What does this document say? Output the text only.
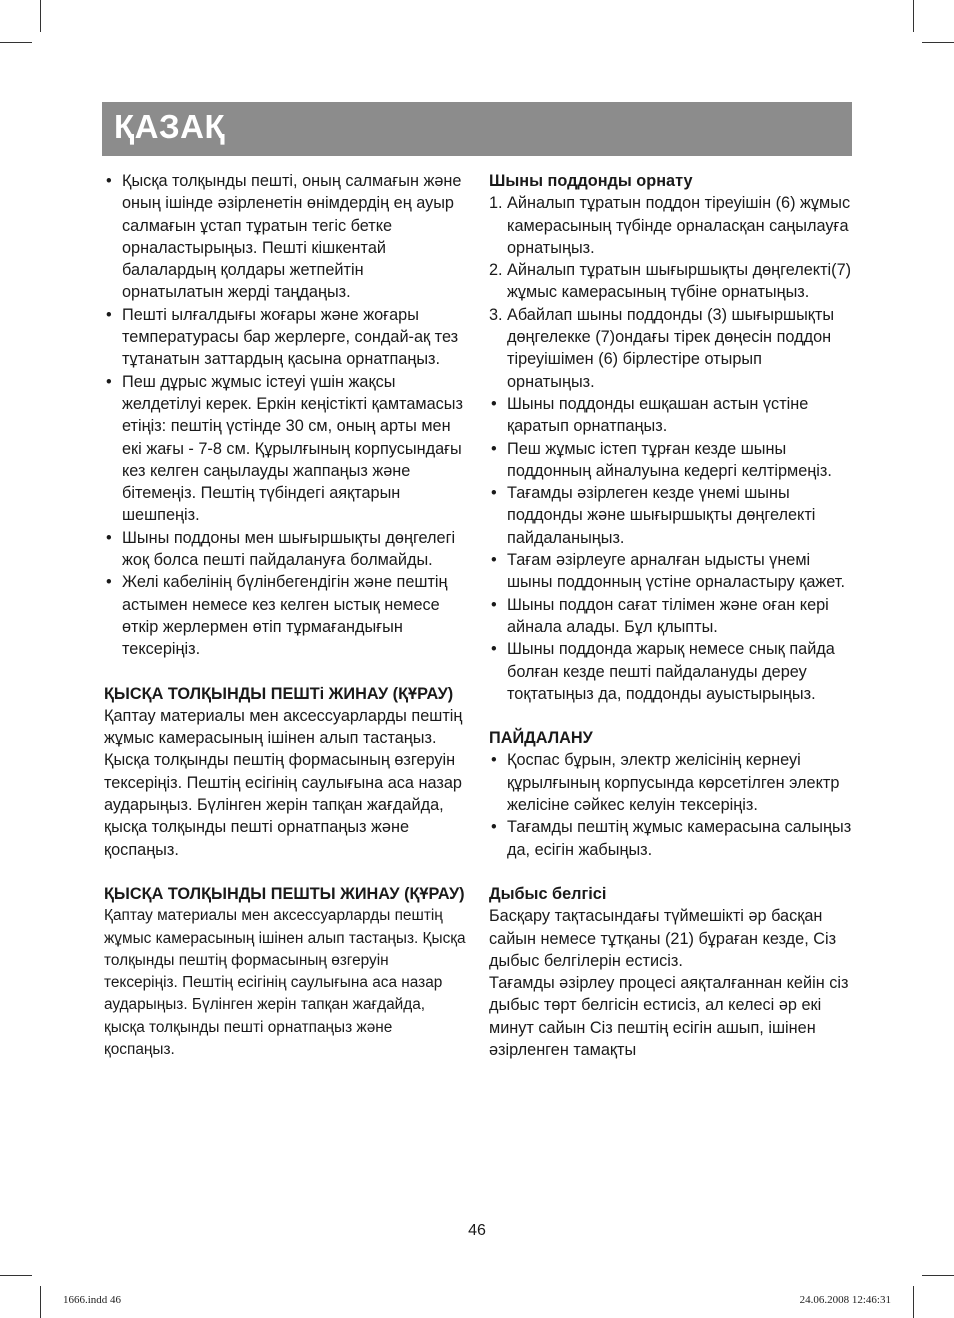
ҚАЗАҚ
• Қысқа толқынды пешті, оның салмағын және оның ішінде әзірленетін өнімдердің ең ауыр салмағын ұстап тұратын тегіс бетке орналастырыңыз. Пешті кішкентай балалардың қолдары жетпейтін орнатылатын жерді таңдаңыз.
• Пешті ылғалдығы жоғары және жоғары температурасы бар жерлерге, сондай-ақ тез тұтанатын заттардың қасына орнатпаңыз.
• Пеш дұрыс жұмыс істеуі үшін жақсы желдетілуі керек. Еркін кеңістікті қамтамасыз етіңіз: пештің үстінде 30 см, оның арты мен екі жағы - 7-8 см. Құрылғының корпусындағы кез келген саңылауды жаппаңыз және бітемеңіз. Пештің түбіндегі аяқтарын шешпеңіз.
• Шыны поддоны мен шығыршықты дөңгелегі жоқ болса пешті пайдалануға болмайды.
• Желі кабелінің бүлінбегендігін және пештің астымен немесе кез келген ыстық немесе өткір жерлермен өтіп тұрмағандығын тексеріңіз.

ҚЫСҚА ТОЛҚЫНДЫ ПЕШТі ЖИНАУ (ҚҰРАУ)

Қаптау материалы мен аксессуарларды пештің жұмыс камерасының ішінен алып тастаңыз. Қысқа толқынды пештің формасының өзгеруін тексеріңіз. Пештің есігінің саулығына аса назар аударыңыз. Бүлінген жерін тапқан жағдайда, қысқа толқынды пешті орнатпаңыз және қоспаңыз.

ҚЫСҚА ТОЛҚЫНДЫ ПЕШТЫ ЖИНАУ (ҚҰРАУ)

Қаптау материалы мен аксессуарларды пештің жұмыс камерасының ішінен алып тастаңыз. Қысқа толқынды пештің формасының өзгеруін тексеріңіз. Пештің есігінің саулығына аса назар аударыңыз. Бүлінген жерін тапқан жағдайда, қысқа толқынды пешті орнатпаңыз және қоспаңыз.

Шыны поддонды орнату

1. Айналып тұратын поддон тіреуішін (6) жұмыс камерасының түбінде орналасқан саңылауға орнатыңыз.
2. Айналып тұратын шығыршықты дөңгелекті(7) жұмыс камерасының түбіне орнатыңыз.
3. Абайлап шыны поддонды (3) шығыршықты дөңгелекке (7)ондағы тірек дөңесін поддон тіреуішімен (6) бірлестіре отырып орнатыңыз.
• Шыны поддонды ешқашан астын үстіне қаратып орнатпаңыз.
• Пеш жұмыс істеп тұрған кезде шыны поддонның айналуына кедергі келтірмеңіз.
• Тағамды әзірлеген кезде үнемі шыны поддонды және шығыршықты дөңгелекті пайдаланыңыз.
• Тағам әзірлеуге арналған ыдысты үнемі шыны поддонның үстіне орналастыру қажет.
• Шыны поддон сағат тілімен және оған кері айнала алады. Бұл қлыпты.
• Шыны поддонда жарық немесе снық пайда болған кезде пешті пайдалануды дереу тоқтатыңыз да, поддонды ауыстырыңыз.

ПАЙДАЛАНУ

• Қоспас бұрын, электр желісінің кернеуі құрылғының корпусында көрсетілген электр желісіне сәйкес келуін тексеріңіз.
• Тағамды пештің жұмыс камерасына салыңыз да, есігін жабыңыз.

Дыбыс белгісі

Басқару тақтасындағы түймешікті әр басқан сайын немесе тұтқаны (21) бұраған кезде, Сіз дыбыс белгілерін естисіз.

Тағамды әзірлеу процесі аяқталғаннан кейін сіз дыбыс төрт белгісін естисіз, ал келесі әр екі минут сайын Сіз пештің есігін ашып, ішінен әзірленген тамақты

46
1666.indd 46	24.06.2008 12:46:31
